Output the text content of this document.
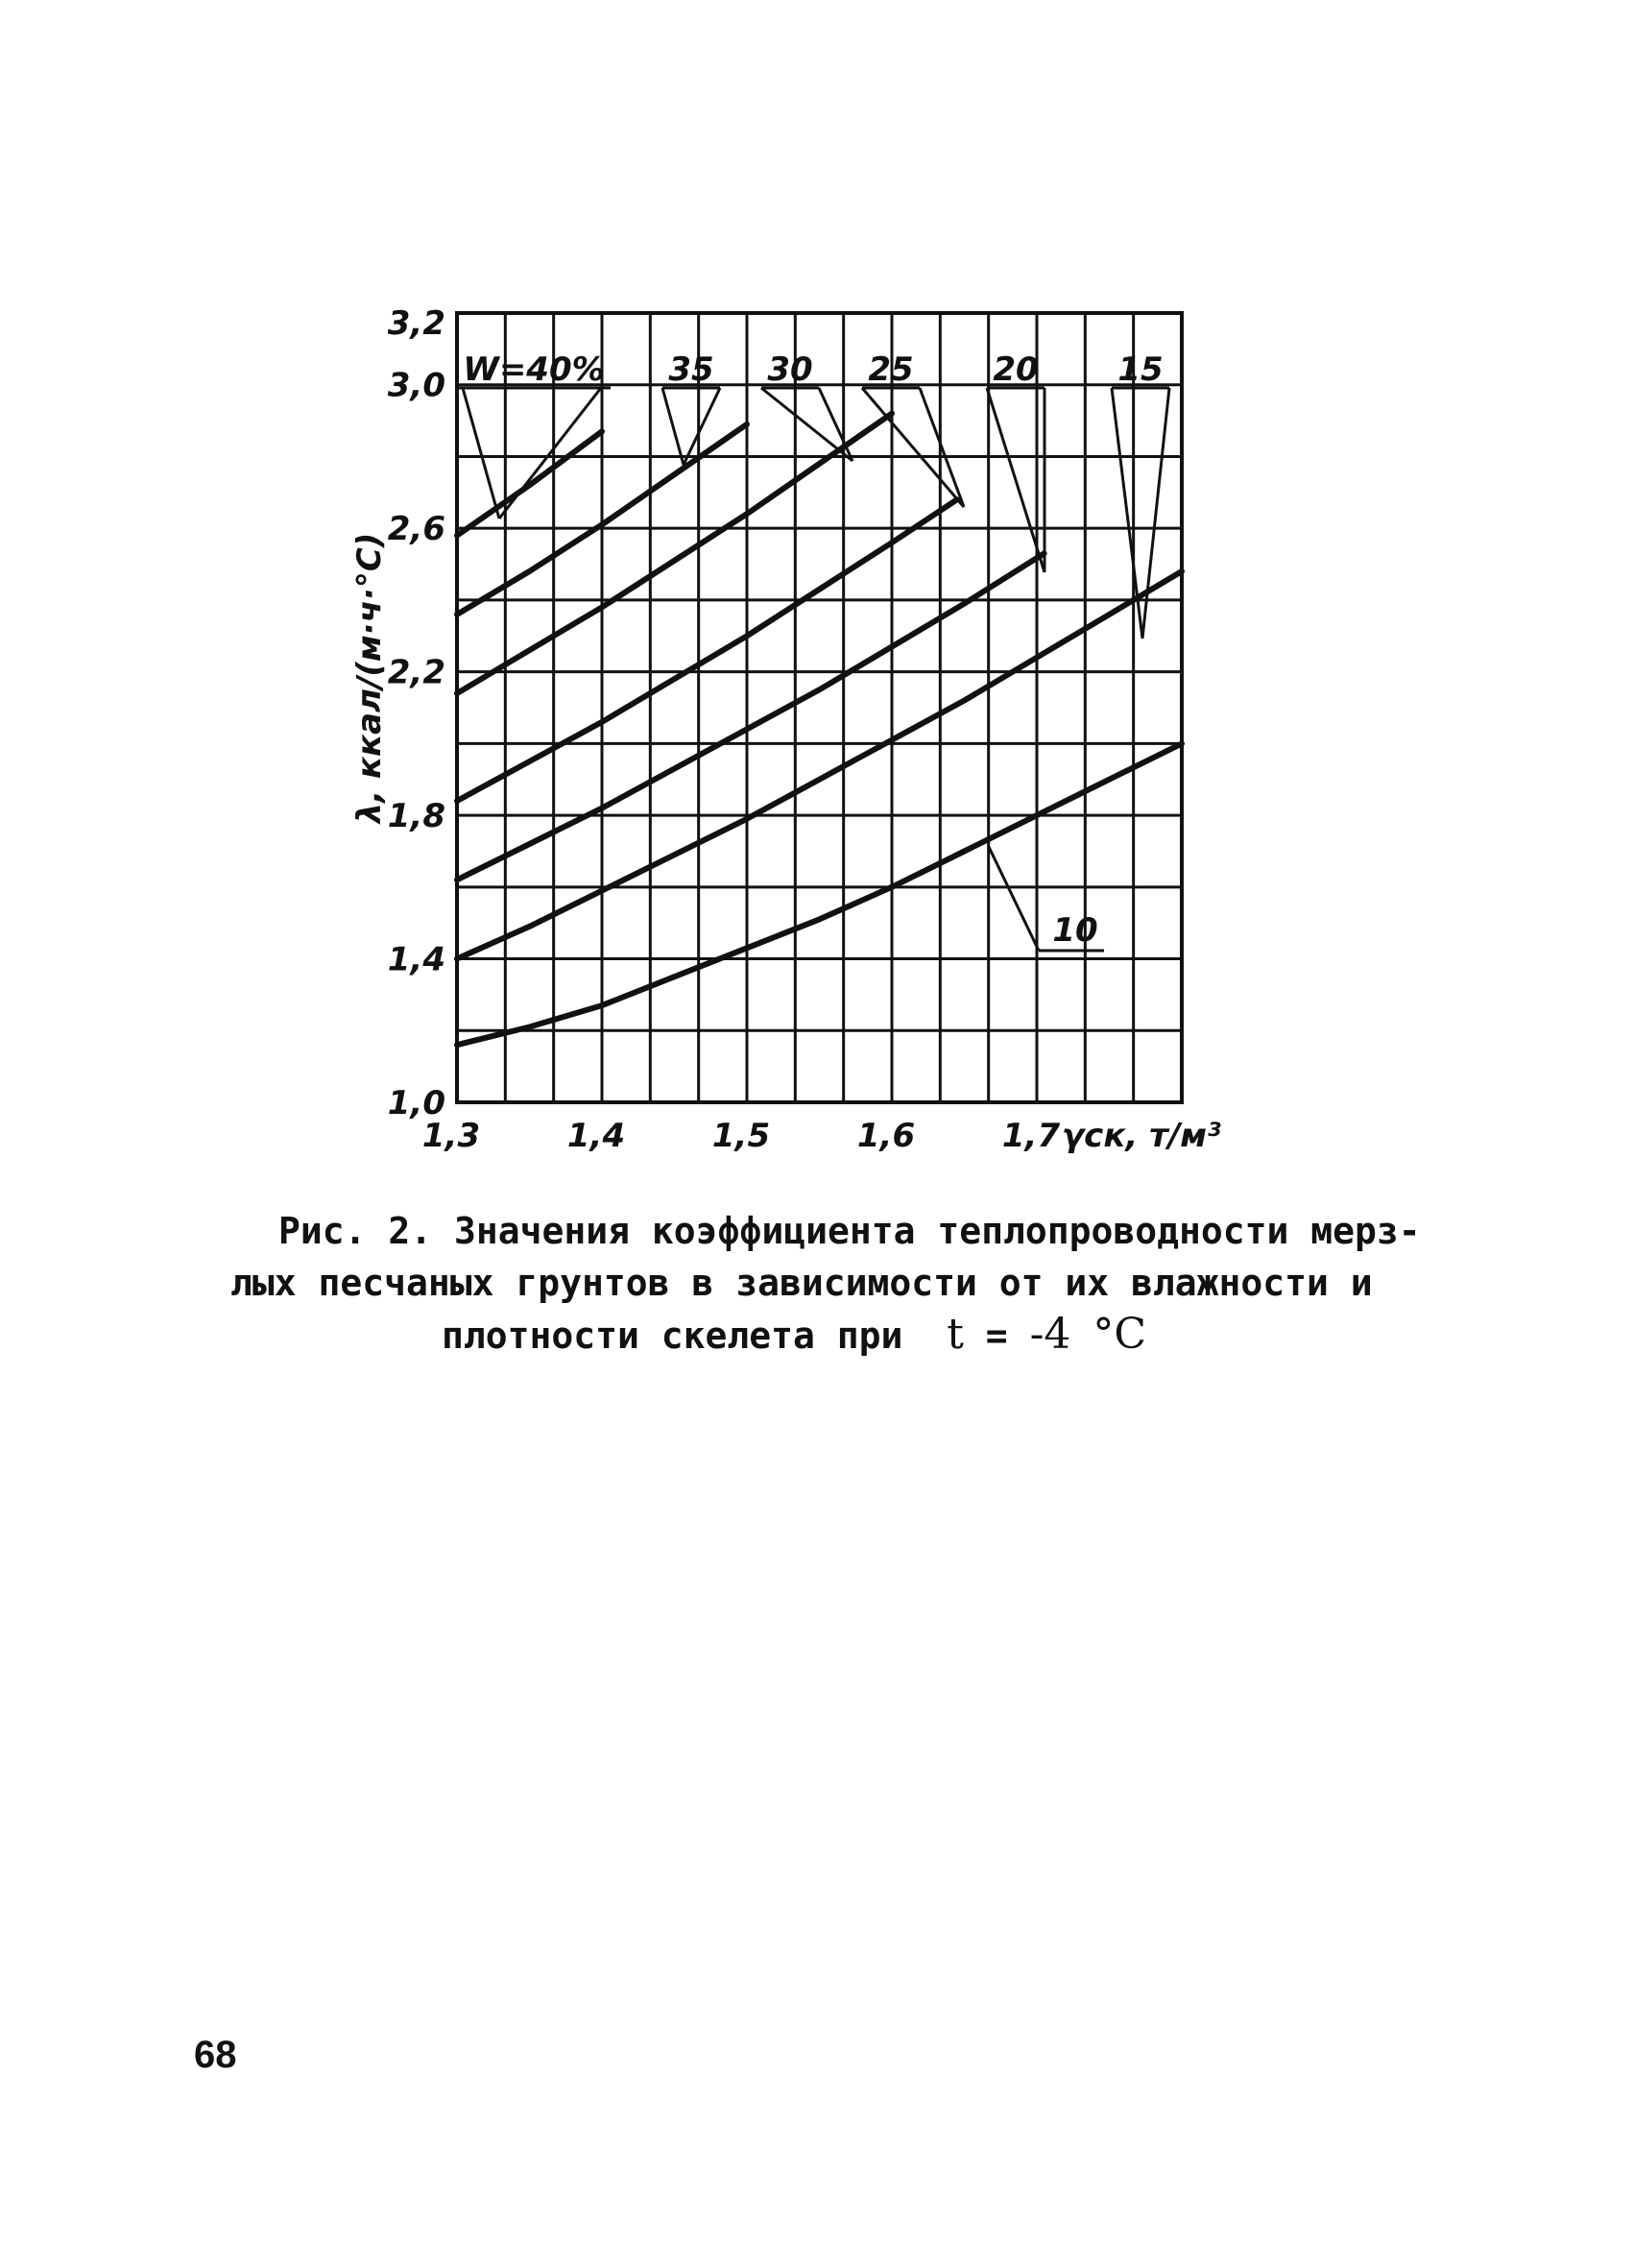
1,0
1,4
1,8
2,2
2,6
3,0
3,2
1,3	1,4	1,5	1,6	1,7
λ, ккал/(м·ч·°С)
γск, т/м³
W=40% 35 30 25 20 15
10
Рис. 2. Значения коэффициента теплопроводности мерз-
лых песчаных грунтов в зависимости от их влажности и
плотности скелета при t = -4 °C
68
